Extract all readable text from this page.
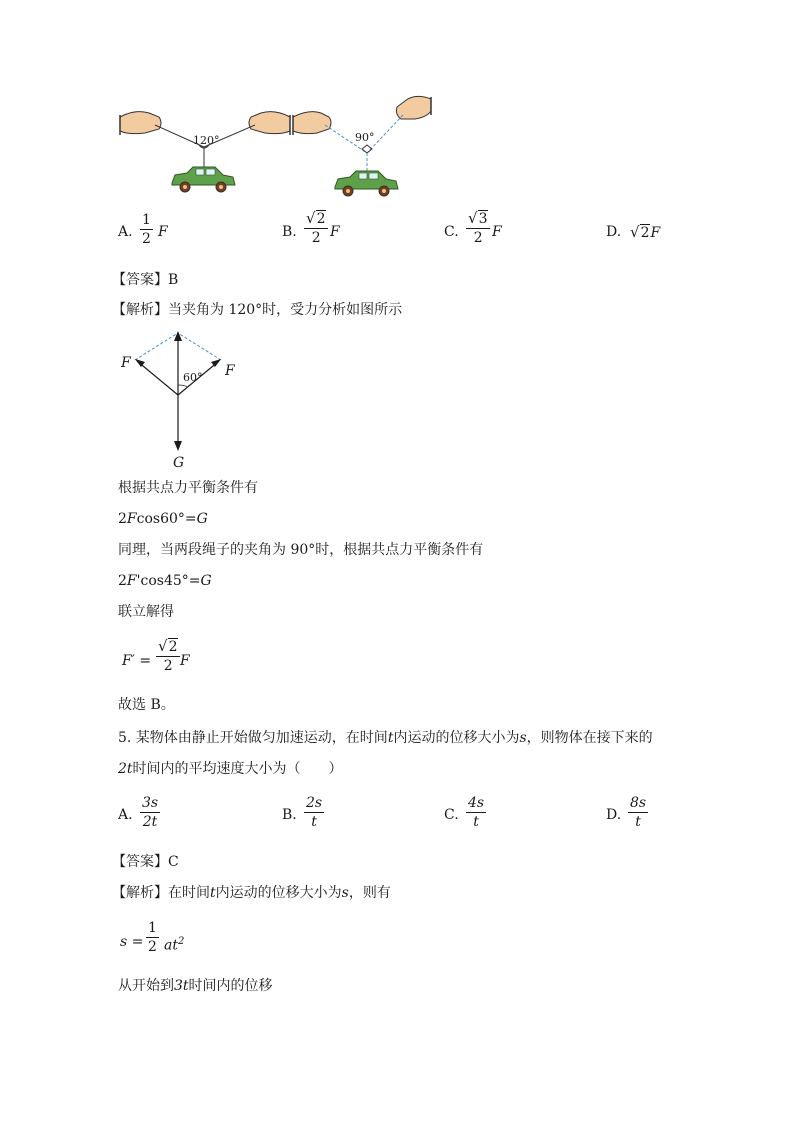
120°	90°
A.
1
2 F	B.
√2
2 F	C.
√3
2 F	D. √2F
【答案】B
【解析】当夹角为 120°时，受力分析如图所示
F	F
60°
G
根据共点力平衡条件有
2Fcos60°=G
同理，当两段绳子的夹角为 90°时，根据共点力平衡条件有
2F'cos45°=G
联立解得
F′ =
√2
2 F
故选 B。
5. 某物体由静止开始做匀加速运动，在时间t内运动的位移大小为s，则物体在接下来的
2t时间内的平均速度大小为（　　）
A.
3s
2t	B.
2s
t	C.
4s
t	D.
8s
t
【答案】C
【解析】在时间t内运动的位移大小为s，则有
s =
1
2 $at^2$
从开始到3t时间内的位移
